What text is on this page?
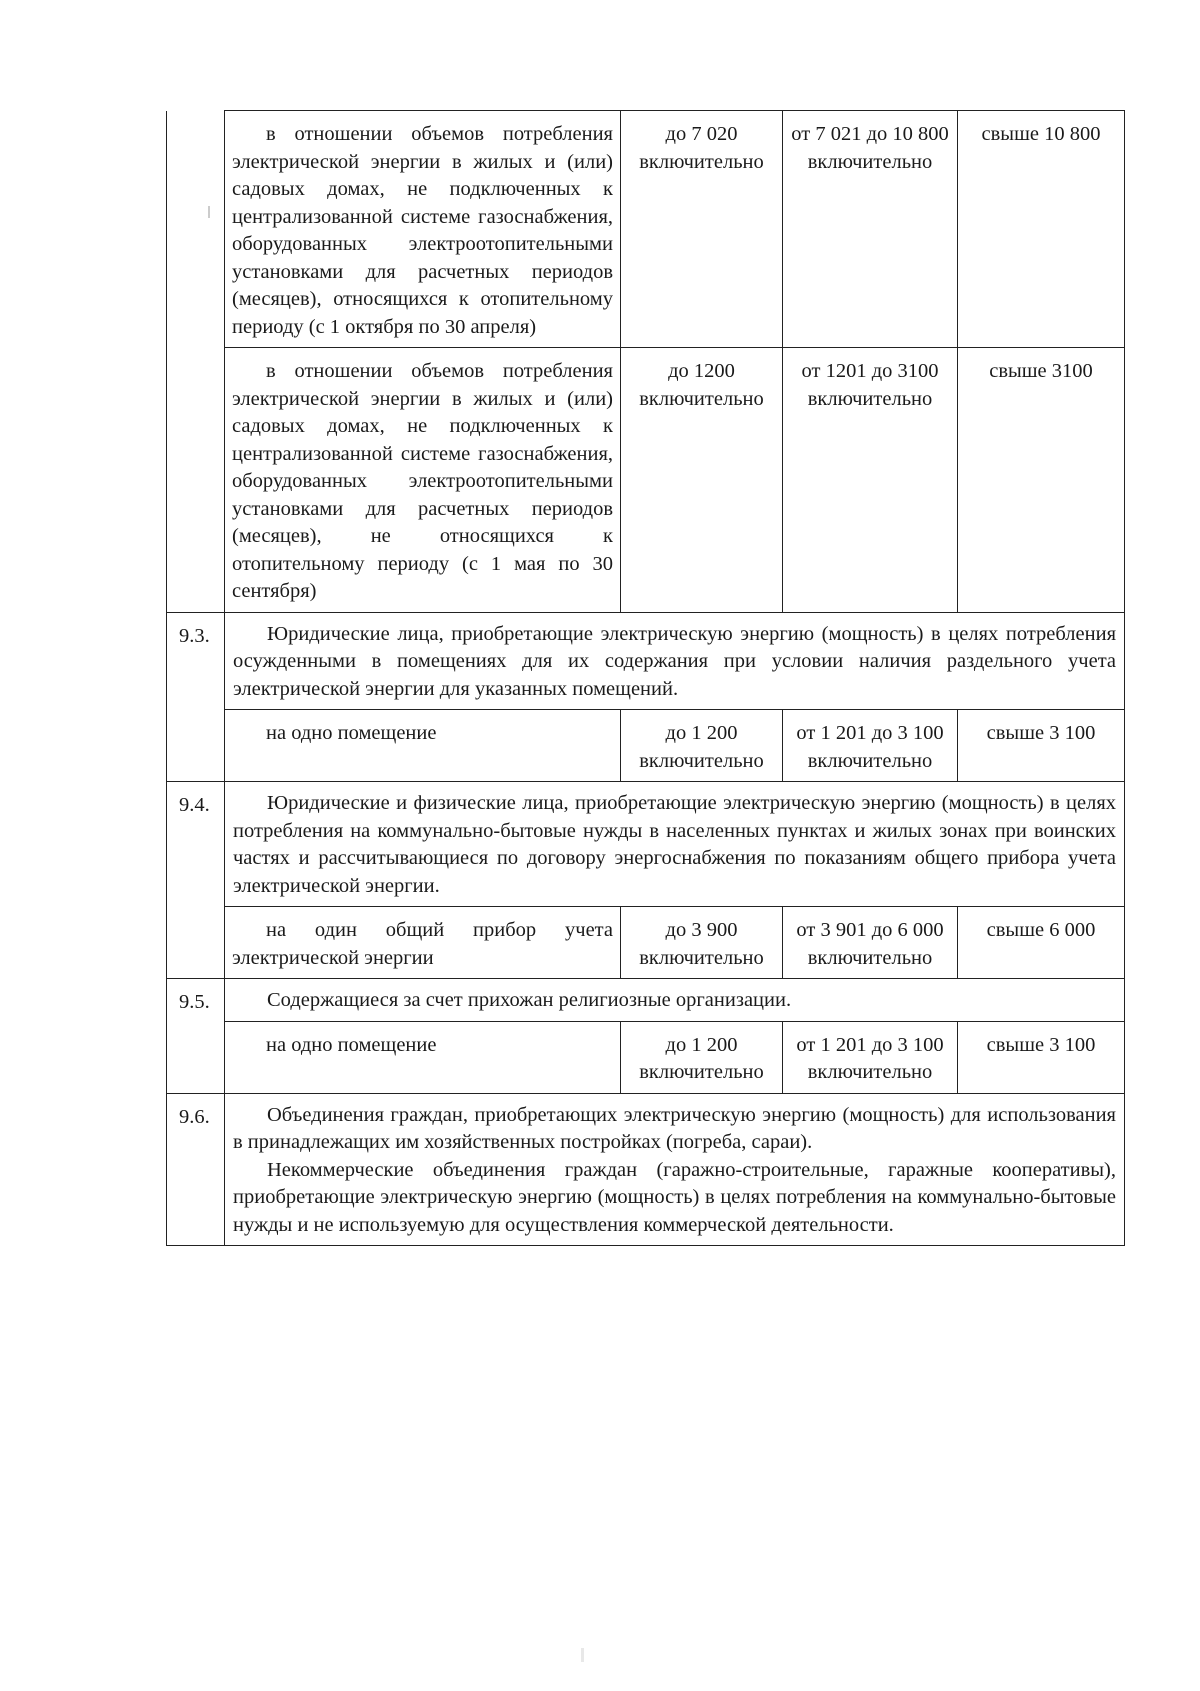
	в отношении объемов потребления электрической энергии в жилых и (или) садовых домах, не подключенных к централизованной системе газоснабжения, оборудованных электроотопительными установками для расчетных периодов (месяцев), относящихся к отопительному периоду (с 1 октября по 30 апреля)	до 7 020 включительно	от 7 021 до 10 800 включительно	свыше 10 800
	в отношении объемов потребления электрической энергии в жилых и (или) садовых домах, не подключенных к централизованной системе газоснабжения, оборудованных электроотопительными установками для расчетных периодов (месяцев), не относящихся к отопительному периоду (с 1 мая по 30 сентября)	до 1200 включительно	от 1201 до 3100 включительно	свыше 3100
9.3.	Юридические лица, приобретающие электрическую энергию (мощность) в целях потребления осужденными в помещениях для их содержания при условии наличия раздельного учета электрической энергии для указанных помещений.			

	на одно помещение	до 1 200 включительно	от 1 201 до 3 100 включительно	свыше 3 100
9.4.	Юридические и физические лица, приобретающие электрическую энергию (мощность) в целях потребления на коммунально-бытовые нужды в населенных пунктах и жилых зонах при воинских частях и рассчитывающиеся по договору энергоснабжения по показаниям общего прибора учета электрической энергии.			

	на один общий прибор учета электрической энергии	до 3 900 включительно	от 3 901 до 6 000 включительно	свыше 6 000
9.5.	Содержащиеся за счет прихожан религиозные организации.			

	на одно помещение	до 1 200 включительно	от 1 201 до 3 100 включительно	свыше 3 100
9.6.	Объединения граждан, приобретающих электрическую энергию (мощность) для использования в принадлежащих им хозяйственных постройках (погреба, сараи).

Некоммерческие объединения граждан (гаражно-строительные, гаражные кооперативы), приобретающие электрическую энергию (мощность) в целях потребления на коммунально-бытовые нужды и не используемую для осуществления коммерческой деятельности.			
